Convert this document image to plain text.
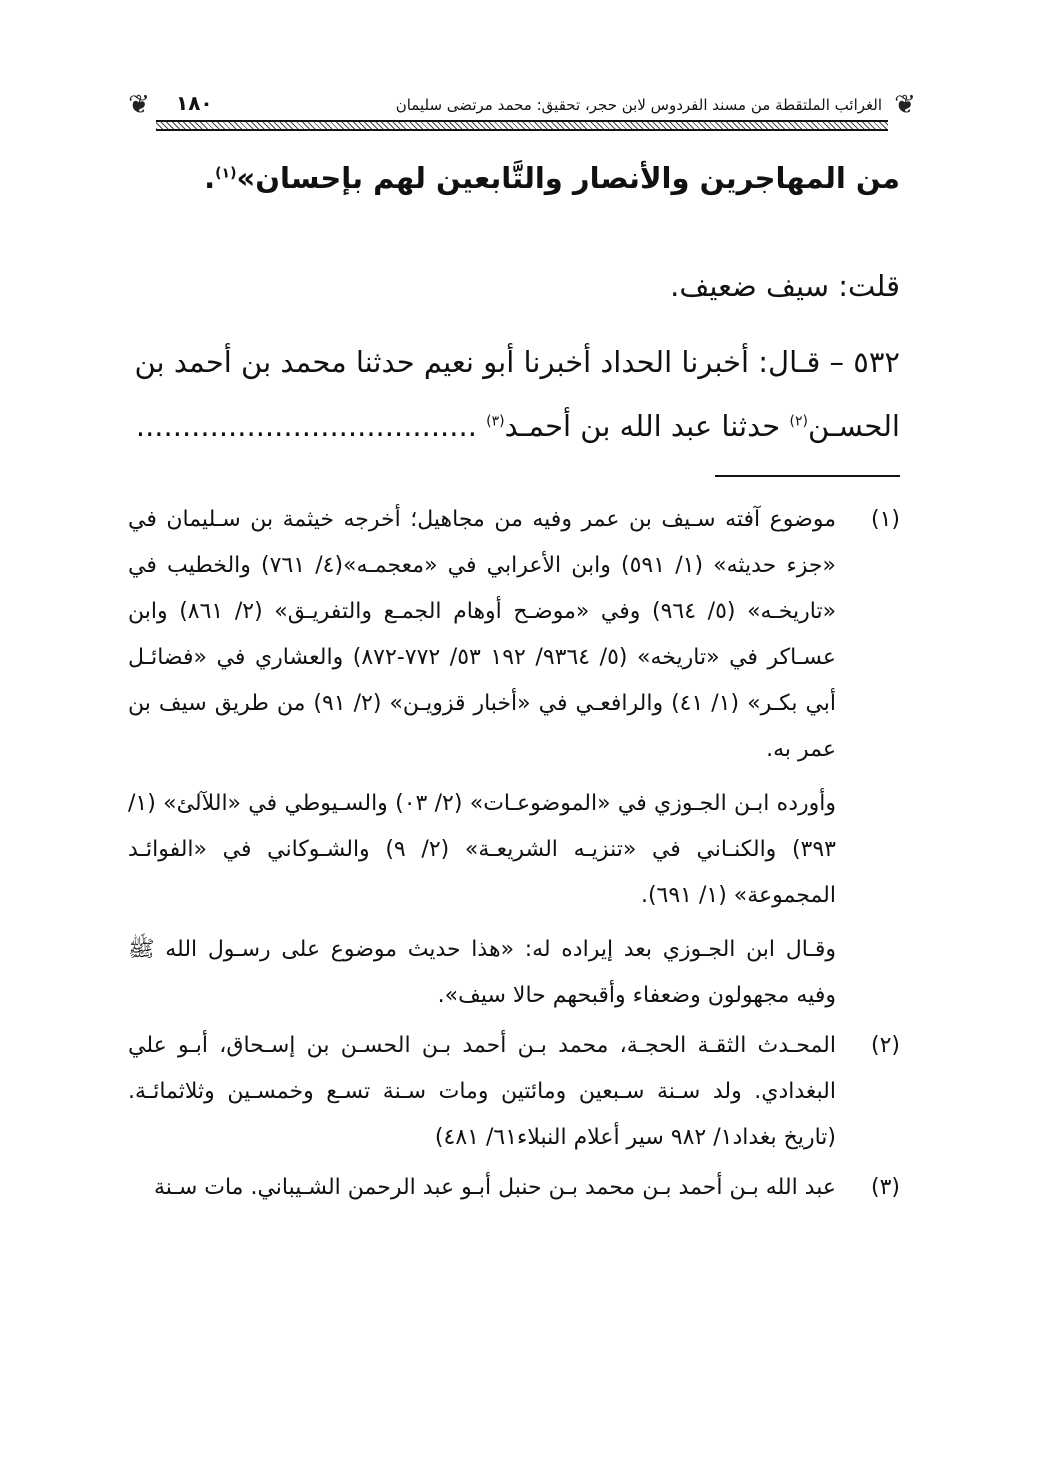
❦	الغرائب الملتقطة من مسند الفردوس لابن حجر، تحقيق: محمد مرتضى سليمان
١٨٠	❦
من المهاجرين والأنصار والتَّابعين لهم بإحسان»$^{(١)}$.
قلت: سيف ضعيف.
٥٣٢ – قـال: أخبرنا الحداد أخبرنا أبو نعيم حدثنا محمد بن أحمد بن
الحسـن$^{(٢)}$ حدثنا عبد الله بن أحمـد$^{(٣)}$ .....................................
(١)

موضوع آفته سـيف بن عمر وفيه من مجاهيل؛ أخرجه خيثمة بن سـليمان في «جزء حديثه» (١/ ٥٩١) وابن الأعرابي في «معجمـه»(٤/ ٧٦١) والخطيب في «تاريخـه» (٥/ ٩٦٤) وفي «موضـح أوهام الجمـع والتفريـق» (٢/ ٨٦١) وابن عسـاكر في «تاريخه» (٥/ ٩٣٦٤/ ١٩٢ ٥٣/ ٧٧٢-٨٧٢) والعشاري في «فضائـل أبي بكـر» (١/ ٤١) والرافعـي في «أخبار قزويـن» (٢/ ٩١) من طريق سيف بن عمر به.

وأورده ابـن الجـوزي في «الموضوعـات» (٢/ ٠٣) والسـيوطي في «اللآلئ» (١/ ٣٩٣) والكنـاني في «تنزيـه الشريعـة» (٢/ ٩) والشـوكاني في «الفوائـد المجموعة» (١/ ٦٩١).

وقـال ابن الجـوزي بعد إيراده له: «هذا حديث موضوع على رسـول الله ﷺ وفيه مجهولون وضعفاء وأقبحهم حالا سيف».

(٢)

المحـدث الثقـة الحجـة، محمد بـن أحمد بـن الحسـن بن إسـحاق، أبـو علي البغدادي. ولد سـنة سـبعين ومائتين ومات سـنة تسـع وخمسـين وثلاثمائـة. (تاريخ بغداد١/ ٩٨٢ سير أعلام النبلاء٦١/ ٤٨١)

(٣)

عبد الله بـن أحمد بـن محمد بـن حنبل أبـو عبد الرحمن الشـيباني. مات سـنة
